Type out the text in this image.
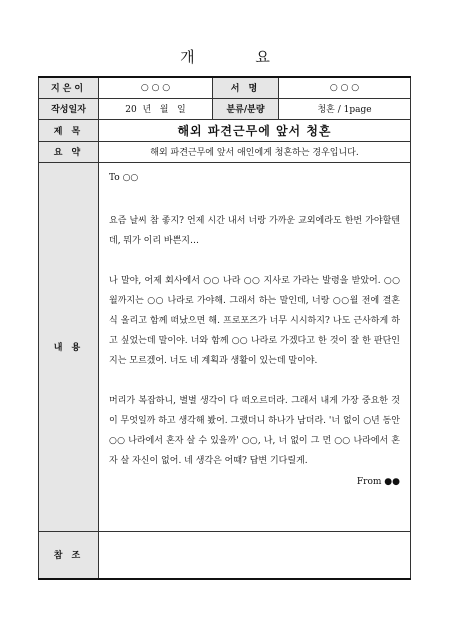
개 요
지은이	○ ○ ○	서 명	○ ○ ○
작성일자	20  년   월   일	분류/분량	청혼 / 1page
제 목	해외 파견근무에 앞서 청혼		
요 약	해외 파견근무에 앞서 애인에게 청혼하는 경우입니다.		
내 용	To ○○

요즘 날씨 참 좋지? 언제 시간 내서 너랑 가까운 교외에라도 한번 가야할텐데, 뭐가 이리 바쁜지…

나 말야, 어제 회사에서 ○○ 나라 ○○ 지사로 가라는 발령을 받았어. ○○월까지는 ○○ 나라로 가야해. 그래서 하는 말인데, 너랑 ○○월 전에 결혼식 올리고 함께 떠났으면 해. 프로포즈가 너무 시시하지? 나도 근사하게 하고 싶었는데 말이야. 너와 함께 ○○ 나라로 가겠다고 한 것이 잘 한 판단인지는 모르겠어. 너도 네 계획과 생활이 있는데 말이야.

머리가 복잡하니, 별별 생각이 다 떠오르더라. 그래서 내게 가장 중요한 것이 무엇일까 하고 생각해 봤어. 그랬더니 하나가 남더라. '너 없이 ○년 동안 ○○ 나라에서 혼자 살 수 있을까' ○○, 나, 너 없이 그 먼 ○○ 나라에서 혼자 살 자신이 없어. 네 생각은 어때? 답변 기다릴게.

From ●●		

참 조			
